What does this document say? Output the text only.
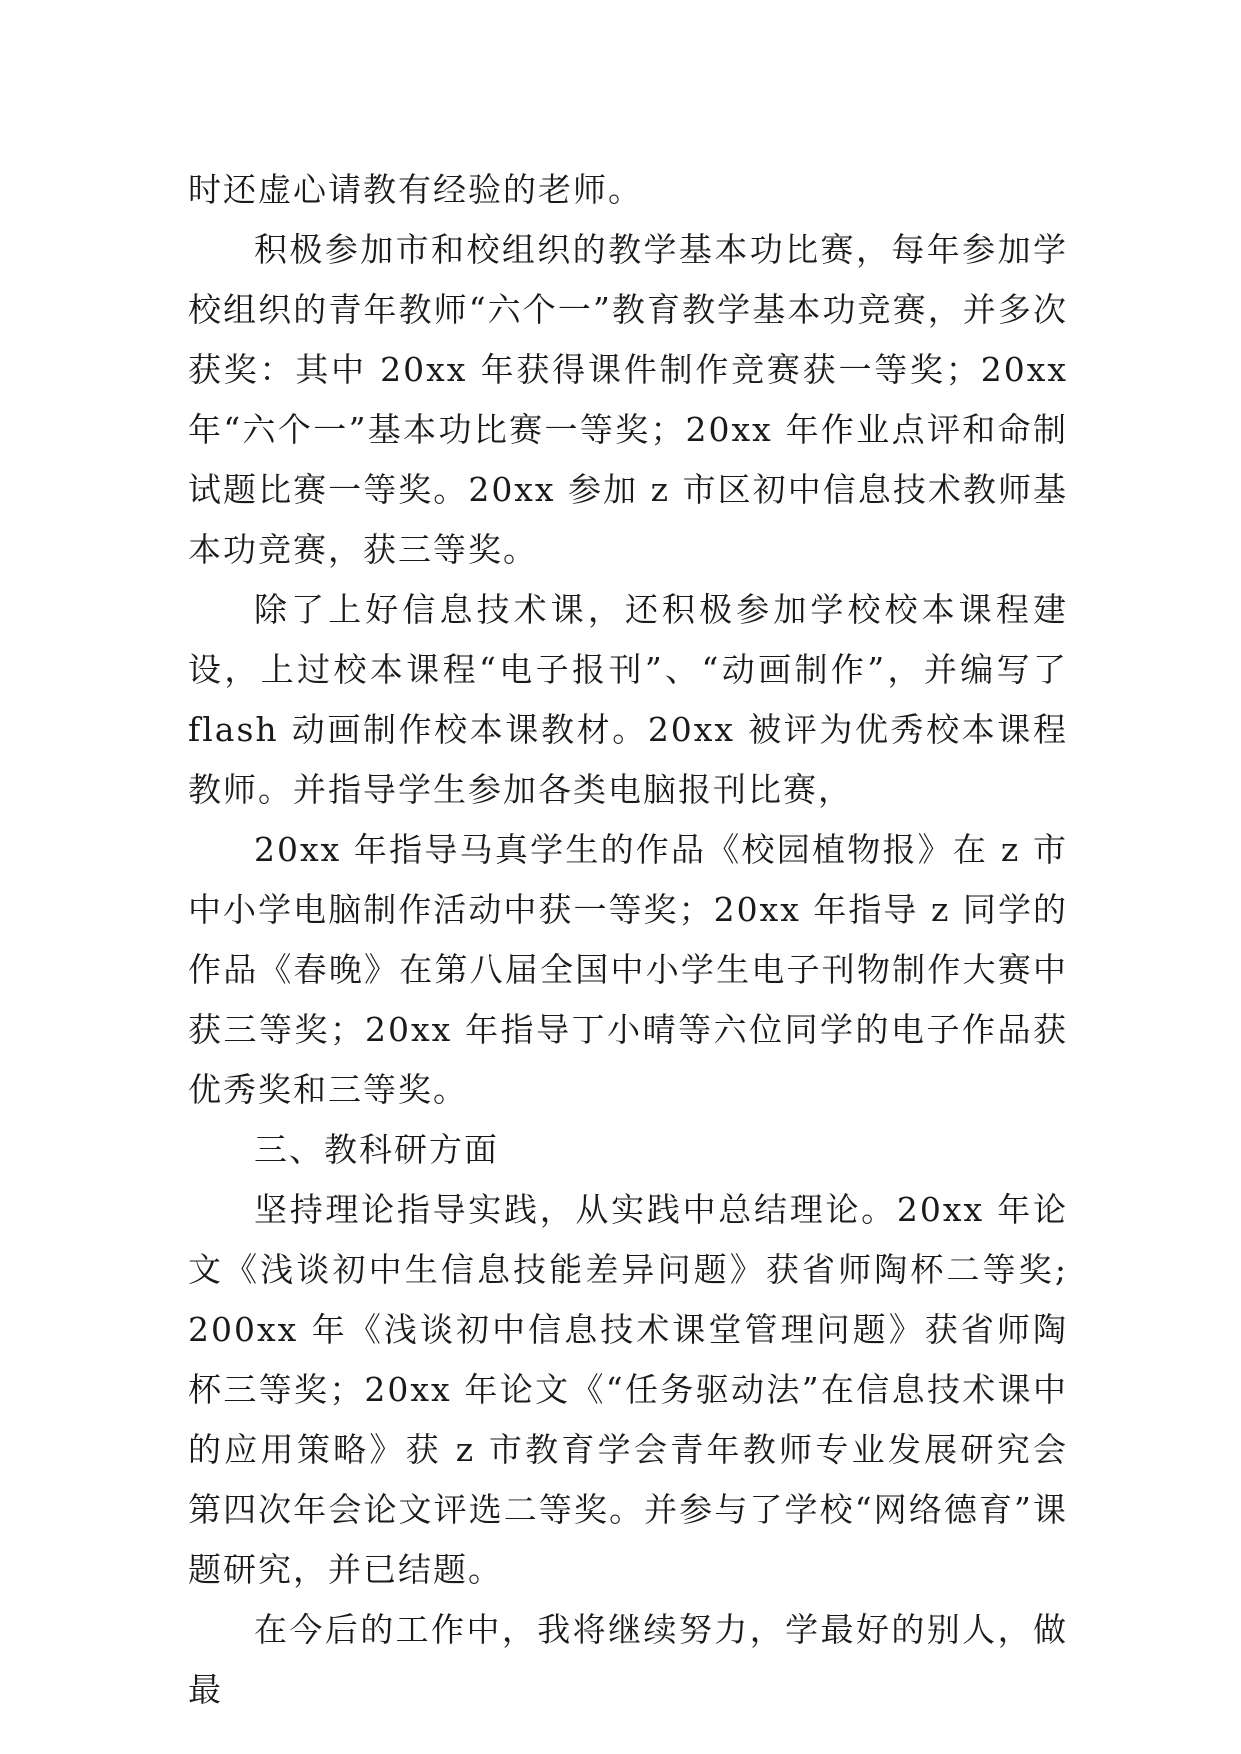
时还虚心请教有经验的老师。

积极参加市和校组织的教学基本功比赛，每年参加学校组织的青年教师“六个一”教育教学基本功竞赛，并多次获奖：其中 20xx 年获得课件制作竞赛获一等奖；20xx 年“六个一”基本功比赛一等奖；20xx 年作业点评和命制试题比赛一等奖。20xx 参加 z 市区初中信息技术教师基本功竞赛，获三等奖。

除了上好信息技术课，还积极参加学校校本课程建设，上过校本课程“电子报刊”、“动画制作”，并编写了 flash 动画制作校本课教材。20xx 被评为优秀校本课程教师。并指导学生参加各类电脑报刊比赛，

20xx 年指导马真学生的作品《校园植物报》在 z 市中小学电脑制作活动中获一等奖；20xx 年指导 z 同学的作品《春晚》在第八届全国中小学生电子刊物制作大赛中获三等奖；20xx 年指导丁小晴等六位同学的电子作品获优秀奖和三等奖。

三、教科研方面

坚持理论指导实践，从实践中总结理论。20xx 年论文《浅谈初中生信息技能差异问题》获省师陶杯二等奖; 200xx 年《浅谈初中信息技术课堂管理问题》获省师陶杯三等奖；20xx 年论文《“任务驱动法”在信息技术课中的应用策略》获 z 市教育学会青年教师专业发展研究会第四次年会论文评选二等奖。并参与了学校“网络德育”课题研究，并已结题。

在今后的工作中，我将继续努力，学最好的别人，做最
